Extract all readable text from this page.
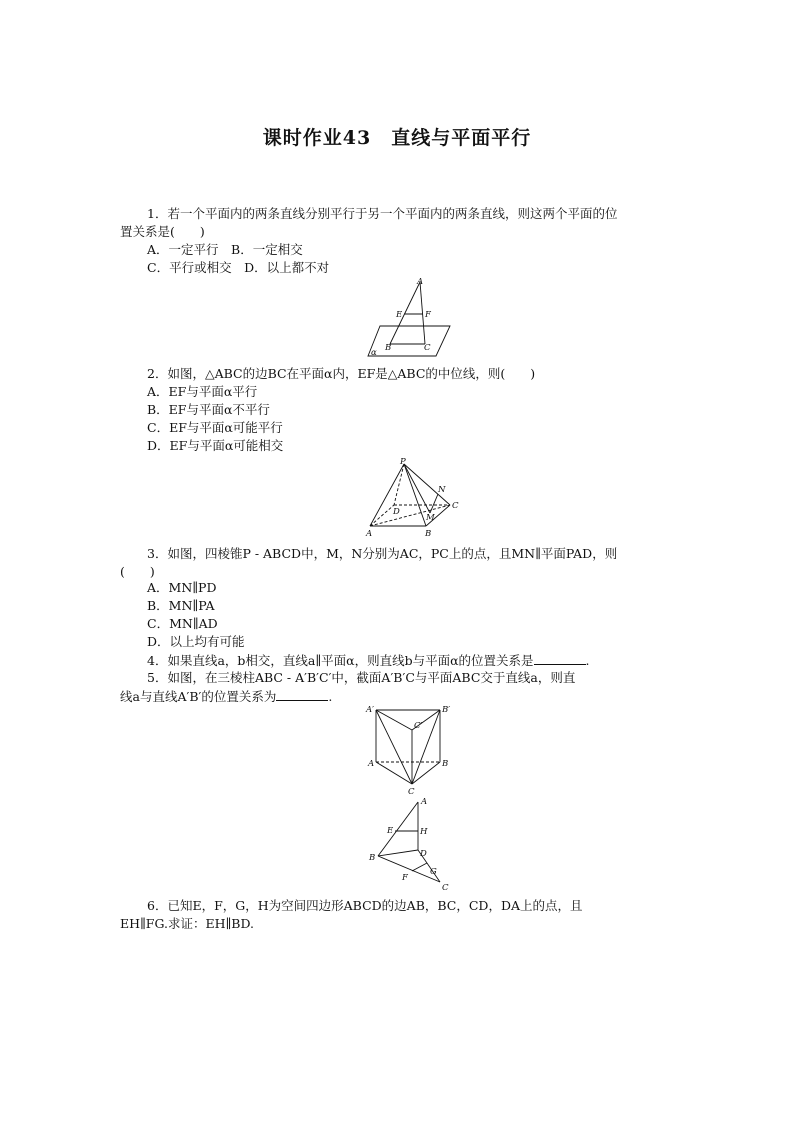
课时作业43　直线与平面平行
1．若一个平面内的两条直线分别平行于另一个平面内的两条直线，则这两个平面的位
置关系是(　　)
A．一定平行　B．一定相交
C．平行或相交　D．以上都不对
A
E	F
B	C
α
2．如图，△ABC的边BC在平面α内，EF是△ABC的中位线，则(　　)
A．EF与平面α平行
B．EF与平面α不平行
C．EF与平面α可能平行
D．EF与平面α可能相交
P
N
C
D
M
A	B
3．如图，四棱锥P - ABCD中，M，N分别为AC，PC上的点，且MN∥平面PAD，则
(　　)
A．MN∥PD
B．MN∥PA
C．MN∥AD
D．以上均有可能
4．如果直线a，b相交，直线a∥平面α，则直线b与平面α的位置关系是	.
5．如图，在三棱柱ABC - A′B′C′中，截面A′B′C与平面ABC交于直线a，则直
线a与直线A′B′的位置关系为	.
A′	B′
C′
A	B
C
A
E	H
B	D
F
G
C
6．已知E，F，G，H为空间四边形ABCD的边AB，BC，CD，DA上的点，且
EH∥FG.求证：EH∥BD.
